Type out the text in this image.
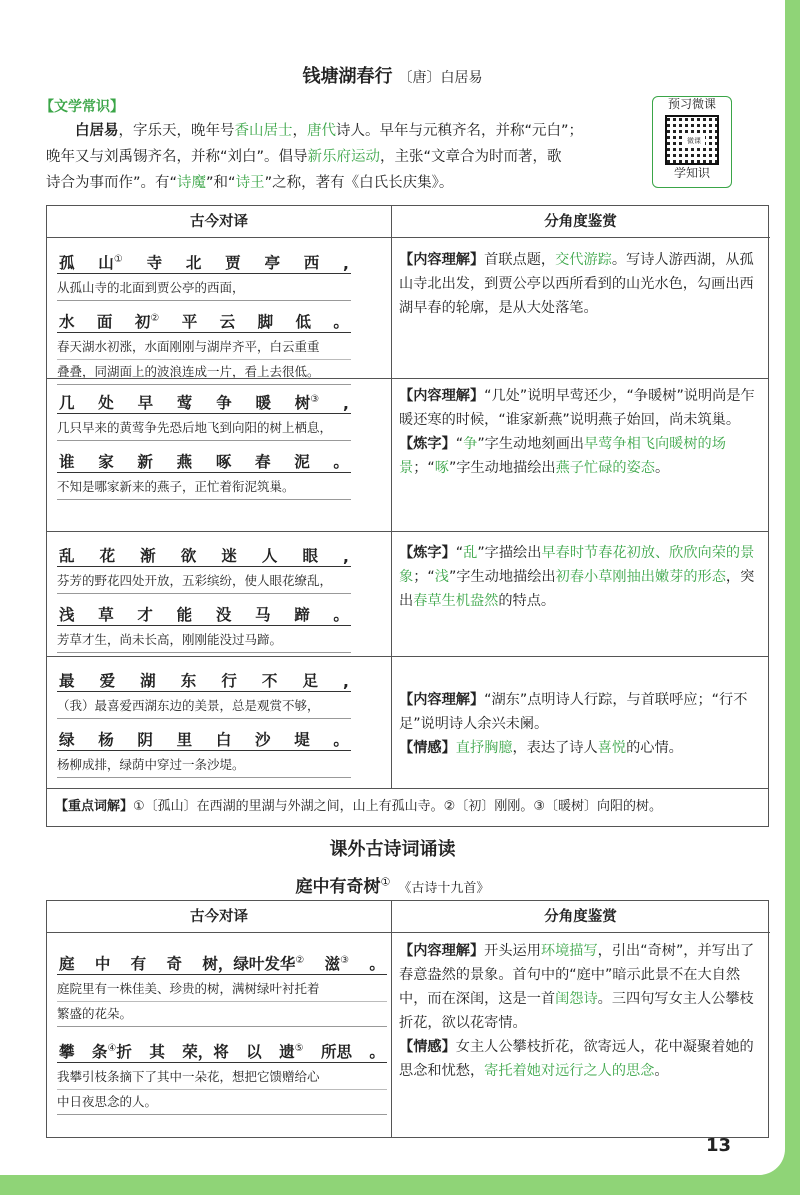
钱塘湖春行 〔唐〕白居易
【文学常识】
白居易，字乐天，晚年号香山居士，唐代诗人。早年与元稹齐名，并称“元白”；
晚年又与刘禹锡齐名，并称“刘白”。倡导新乐府运动，主张“文章合为时而著，歌
诗合为事而作”。有“诗魔”和“诗王”之称，著有《白氏长庆集》。
预习微课
微课
学知识
古今对译	分角度鉴赏
孤 山① 寺 北 贾 亭 西 ,
从孤山寺的北面到贾公亭的西面，
水 面 初② 平 云 脚 低 。
春天湖水初涨，水面刚刚与湖岸齐平，白云重重
叠叠，同湖面上的波浪连成一片，看上去很低。
【内容理解】首联点题，交代游踪。写诗人游西湖，从孤山寺北出发，到贾公亭以西所看到的山光水色，勾画出西湖早春的轮廓，是从大处落笔。
几 处 早 莺 争 暖 树③ ,
几只早来的黄莺争先恐后地飞到向阳的树上栖息，
谁 家 新 燕 啄 春 泥 。
不知是哪家新来的燕子，正忙着衔泥筑巢。
【内容理解】“几处”说明早莺还少，“争暖树”说明尚是乍暖还寒的时候，“谁家新燕”说明燕子始回，尚未筑巢。
【炼字】“争”字生动地刻画出早莺争相飞向暖树的场景；“啄”字生动地描绘出燕子忙碌的姿态。
乱 花 渐 欲 迷 人 眼 ,
芬芳的野花四处开放，五彩缤纷，使人眼花缭乱，
浅 草 才 能 没 马 蹄 。
芳草才生，尚未长高，刚刚能没过马蹄。
【炼字】“乱”字描绘出早春时节春花初放、欣欣向荣的景象；“浅”字生动地描绘出初春小草刚抽出嫩芽的形态，突出春草生机盎然的特点。
最 爱 湖 东 行 不 足 ,
（我）最喜爱西湖东边的美景，总是观赏不够，
绿 杨 阴 里 白 沙 堤 。
杨柳成排，绿荫中穿过一条沙堤。
【内容理解】“湖东”点明诗人行踪，与首联呼应；“行不足”说明诗人余兴未阑。
【情感】直抒胸臆，表达了诗人喜悦的心情。
【重点词解】①〔孤山〕在西湖的里湖与外湖之间，山上有孤山寺。②〔初〕刚刚。③〔暖树〕向阳的树。
课外古诗词诵读
庭中有奇树① 《古诗十九首》
古今对译	分角度鉴赏
庭 中 有 奇 树，绿叶发华② 滋③ 。
庭院里有一株佳美、珍贵的树，满树绿叶衬托着
繁盛的花朵。
攀 条④折 其 荣，将 以 遗⑤ 所思 。
我攀引枝条摘下了其中一朵花，想把它馈赠给心
中日夜思念的人。
【内容理解】开头运用环境描写，引出“奇树”，并写出了春意盎然的景象。首句中的“庭中”暗示此景不在大自然中，而在深闺，这是一首闺怨诗。三四句写女主人公攀枝折花，欲以花寄情。
【情感】女主人公攀枝折花，欲寄远人，花中凝聚着她的思念和忧愁，寄托着她对远行之人的思念。
13
